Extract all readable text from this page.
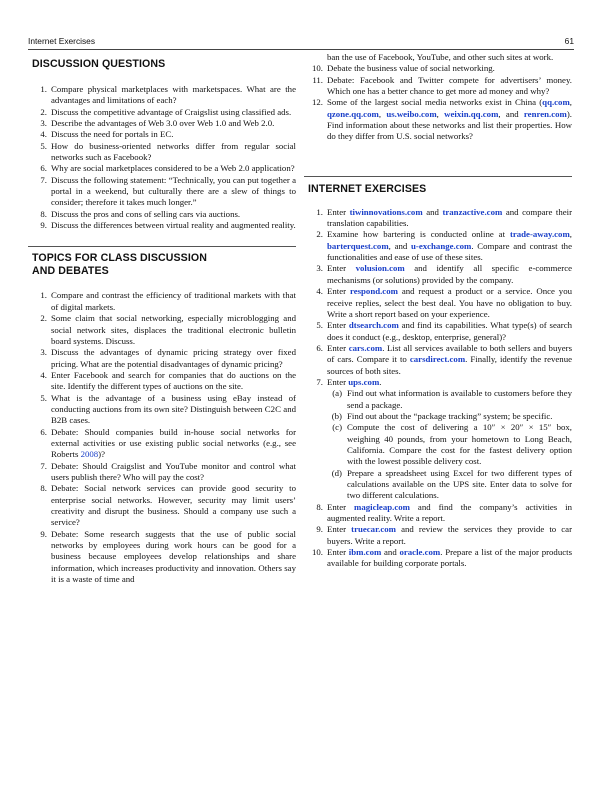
Internet Exercises	61
DISCUSSION QUESTIONS
1. Compare physical marketplaces with marketspaces. What are the advantages and limitations of each?
2. Discuss the competitive advantage of Craigslist using classified ads.
3. Describe the advantages of Web 3.0 over Web 1.0 and Web 2.0.
4. Discuss the need for portals in EC.
5. How do business-oriented networks differ from regular social networks such as Facebook?
6. Why are social marketplaces considered to be a Web 2.0 application?
7. Discuss the following statement: “Technically, you can put together a portal in a weekend, but culturally there are a slew of things to consider; therefore it takes much longer.”
8. Discuss the pros and cons of selling cars via auctions.
9. Discuss the differences between virtual reality and augmented reality.
TOPICS FOR CLASS DISCUSSION
AND DEBATES
1. Compare and contrast the efficiency of traditional markets with that of digital markets.
2. Some claim that social networking, especially microblogging and social network sites, displaces the traditional electronic bulletin board systems. Discuss.
3. Discuss the advantages of dynamic pricing strategy over fixed pricing. What are the potential disadvantages of dynamic pricing?
4. Enter Facebook and search for companies that do auctions on the site. Identify the different types of auctions on the site.
5. What is the advantage of a business using eBay instead of conducting auctions from its own site? Distinguish between C2C and B2B cases.
6. Debate: Should companies build in-house social networks for external activities or use existing public social networks (e.g., see Roberts 2008)?
7. Debate: Should Craigslist and YouTube monitor and control what users publish there? Who will pay the cost?
8. Debate: Social network services can provide good security to enterprise social networks. However, security may limit users’ creativity and disrupt the business. Should a company use such a service?
9. Debate: Some research suggests that the use of public social networks by employees during work hours can be good for a business because employees develop relationships and share information, which increases productivity and innovation. Others say it is a waste of time and
ban the use of Facebook, YouTube, and other such sites at work.
10. Debate the business value of social networking.
11. Debate: Facebook and Twitter compete for advertisers’ money. Which one has a better chance to get more ad money and why?
12. Some of the largest social media networks exist in China (qq.com, qzone.qq.com, us.weibo.com, weixin.qq.com, and renren.com). Find information about these networks and list their properties. How do they differ from U.S. social networks?
INTERNET EXERCISES
1. Enter tiwinnovations.com and tranzactive.com and compare their translation capabilities.
2. Examine how bartering is conducted online at trade-away.com, barterquest.com, and u-exchange.com. Compare and contrast the functionalities and ease of use of these sites.
3. Enter volusion.com and identify all specific e-commerce mechanisms (or solutions) provided by the company.
4. Enter respond.com and request a product or a service. Once you receive replies, select the best deal. You have no obligation to buy. Write a short report based on your experience.
5. Enter dtsearch.com and find its capabilities. What type(s) of search does it conduct (e.g., desktop, enterprise, general)?
6. Enter cars.com. List all services available to both sellers and buyers of cars. Compare it to carsdirect.com. Finally, identify the revenue sources of both sites.
7. Enter ups.com.
(a) Find out what information is available to customers before they send a package.
(b) Find out about the “package tracking” system; be specific.
(c) Compute the cost of delivering a 10″ × 20″ × 15″ box, weighing 40 pounds, from your hometown to Long Beach, California. Compare the cost for the fastest delivery option with the lowest possible delivery cost.
(d) Prepare a spreadsheet using Excel for two different types of calculations available on the UPS site. Enter data to solve for two different calculations.
8. Enter magicleap.com and find the company’s activities in augmented reality. Write a report.
9. Enter truecar.com and review the services they provide to car buyers. Write a report.
10. Enter ibm.com and oracle.com. Prepare a list of the major products available for building corporate portals.
